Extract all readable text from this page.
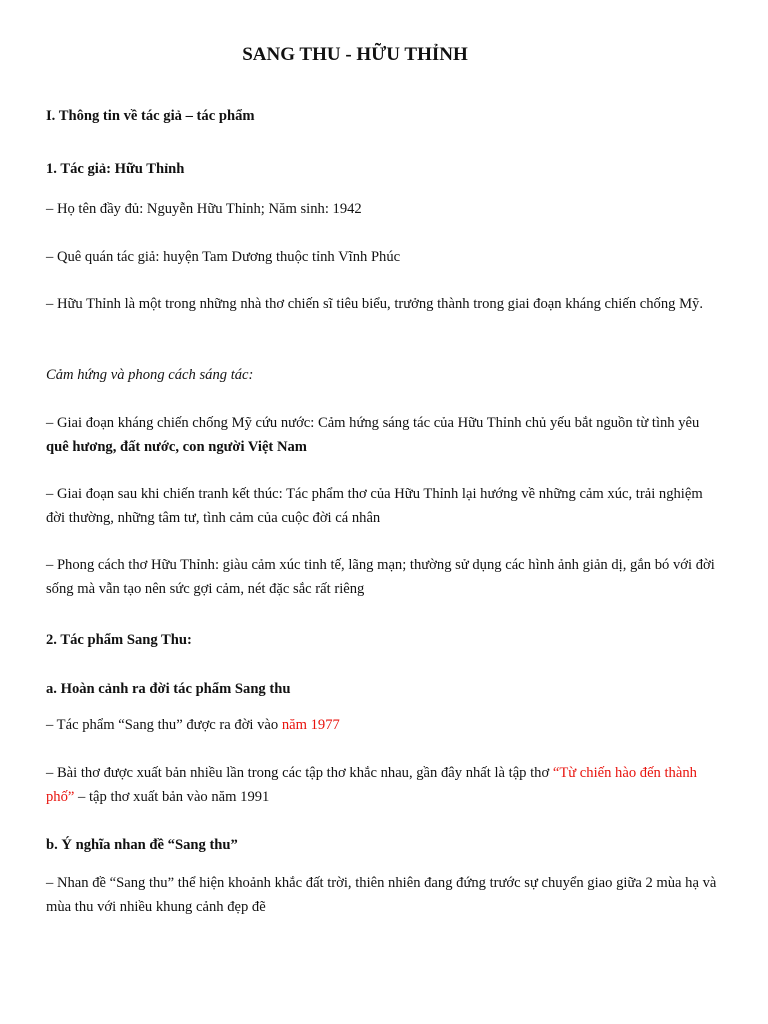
SANG THU - HỮU THỈNH

I. Thông tin về tác giả – tác phẩm

1. Tác giả: Hữu Thỉnh

– Họ tên đầy đủ: Nguyễn Hữu Thỉnh; Năm sinh: 1942

– Quê quán tác giả: huyện Tam Dương thuộc tỉnh Vĩnh Phúc

– Hữu Thỉnh là một trong những nhà thơ chiến sĩ tiêu biểu, trưởng thành trong giai đoạn kháng chiến chống Mỹ.

Cảm hứng và phong cách sáng tác:

– Giai đoạn kháng chiến chống Mỹ cứu nước: Cảm hứng sáng tác của Hữu Thỉnh chủ yếu bắt nguồn từ tình yêu quê hương, đất nước, con người Việt Nam

– Giai đoạn sau khi chiến tranh kết thúc: Tác phẩm thơ của Hữu Thỉnh lại hướng về những cảm xúc, trải nghiệm đời thường, những tâm tư, tình cảm của cuộc đời cá nhân

– Phong cách thơ Hữu Thỉnh: giàu cảm xúc tinh tế, lãng mạn; thường sử dụng các hình ảnh giản dị, gắn bó với đời sống mà vẫn tạo nên sức gợi cảm, nét đặc sắc rất riêng

2. Tác phẩm Sang Thu:

a. Hoàn cảnh ra đời tác phẩm Sang thu

– Tác phẩm “Sang thu” được ra đời vào năm 1977

– Bài thơ được xuất bản nhiều lần trong các tập thơ khắc nhau, gần đây nhất là tập thơ “Từ chiến hào đến thành phố” – tập thơ xuất bản vào năm 1991

b. Ý nghĩa nhan đề “Sang thu”

– Nhan đề “Sang thu” thể hiện khoảnh khắc đất trời, thiên nhiên đang đứng trước sự chuyển giao giữa 2 mùa hạ và mùa thu với nhiều khung cảnh đẹp đẽ
